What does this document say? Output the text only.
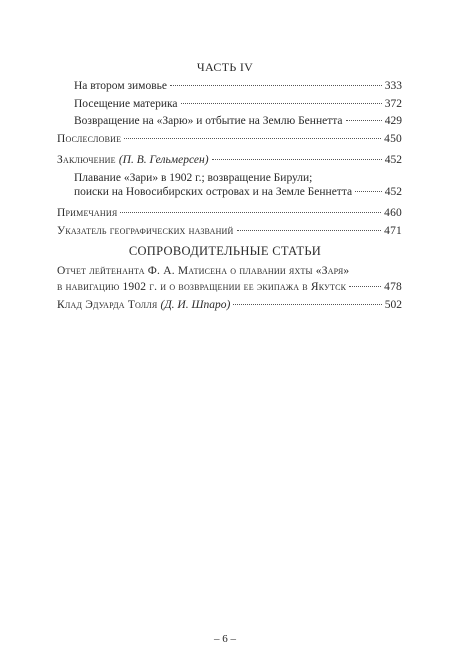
ЧАСТЬ IV
На втором зимовье	333
Посещение материка	372
Возвращение на «Зарю» и отбытие на Землю Беннетта	429
Послесловие	450
Заключение (П. В. Гельмерсен)	452
Плавание «Зари» в 1902 г.; возвращение Бирули;
поиски на Новосибирских островах и на Земле Беннетта	452
Примечания	460
Указатель географических названий	471
СОПРОВОДИТЕЛЬНЫЕ СТАТЬИ
Отчет лейтенанта Ф. А. Матисена о плавании яхты «Заря»
в навигацию 1902 г. и о возвращении ее экипажа в Якутск	478
Клад Эдуарда Толля (Д. И. Шпаро)	502
– 6 –
